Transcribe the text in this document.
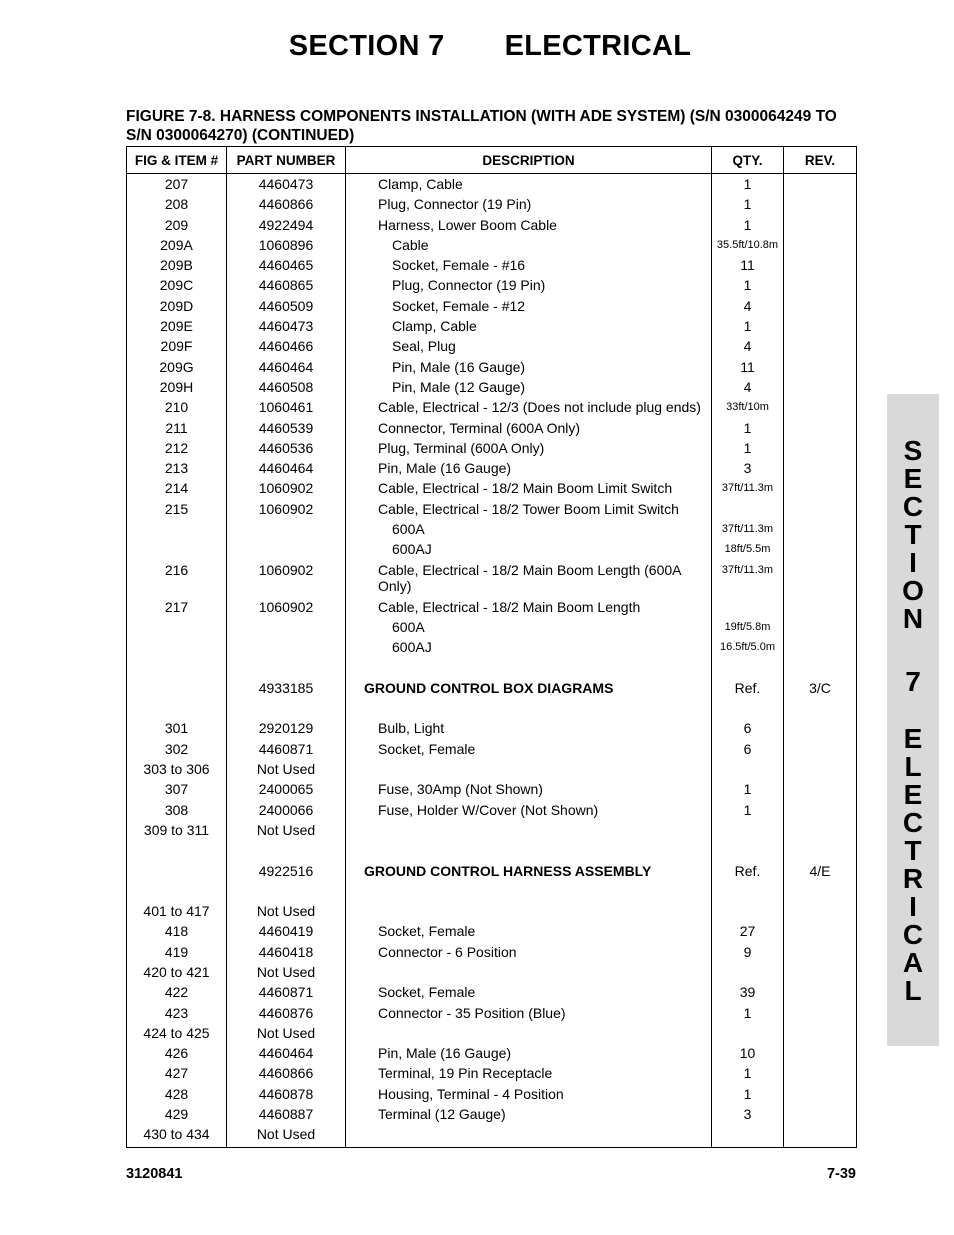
SECTION 7 ELECTRICAL

FIGURE 7-8. HARNESS COMPONENTS INSTALLATION (WITH ADE SYSTEM) (S/N 0300064249 TO S/N 0300064270) (CONTINUED)

FIG & ITEM #	PART NUMBER	DESCRIPTION	QTY.	REV.
207	4460473	Clamp, Cable	1	
208	4460866	Plug, Connector (19 Pin)	1	
209	4922494	Harness, Lower Boom Cable	1	
209A	1060896	Cable	35.5ft/10.8m	
209B	4460465	Socket, Female - #16	11	
209C	4460865	Plug, Connector (19 Pin)	1	
209D	4460509	Socket, Female - #12	4	
209E	4460473	Clamp, Cable	1	
209F	4460466	Seal, Plug	4	
209G	4460464	Pin, Male (16 Gauge)	11	
209H	4460508	Pin, Male (12 Gauge)	4	
210	1060461	Cable, Electrical - 12/3 (Does not include plug ends)	33ft/10m	
211	4460539	Connector, Terminal (600A Only)	1	
212	4460536	Plug, Terminal (600A Only)	1	
213	4460464	Pin, Male (16 Gauge)	3	
214	1060902	Cable, Electrical - 18/2 Main Boom Limit Switch	37ft/11.3m	
215	1060902	Cable, Electrical - 18/2 Tower Boom Limit Switch		
		600A	37ft/11.3m	
		600AJ	18ft/5.5m	
216	1060902	Cable, Electrical - 18/2 Main Boom Length (600A Only)	37ft/11.3m	
217	1060902	Cable, Electrical - 18/2 Main Boom Length		
		600A	19ft/5.8m	
		600AJ	16.5ft/5.0m	

	4933185	GROUND CONTROL BOX DIAGRAMS	Ref.	3/C

301	2920129	Bulb, Light	6	
302	4460871	Socket, Female	6	
303 to 306	Not Used			
307	2400065	Fuse, 30Amp (Not Shown)	1	
308	2400066	Fuse, Holder W/Cover (Not Shown)	1	
309 to 311	Not Used			

	4922516	GROUND CONTROL HARNESS ASSEMBLY	Ref.	4/E

401 to 417	Not Used			
418	4460419	Socket, Female	27	
419	4460418	Connector - 6 Position	9	
420 to 421	Not Used			
422	4460871	Socket, Female	39	
423	4460876	Connector - 35 Position (Blue)	1	
424 to 425	Not Used			
426	4460464	Pin, Male (16 Gauge)	10	
427	4460866	Terminal, 19 Pin Receptacle	1	
428	4460878	Housing, Terminal - 4 Position	1	
429	4460887	Terminal (12 Gauge)	3	
430 to 434	Not Used			

3120841	7-39

S
E
C
T
I
O
N
7
E
L
E
C
T
R
I
C
A
L
